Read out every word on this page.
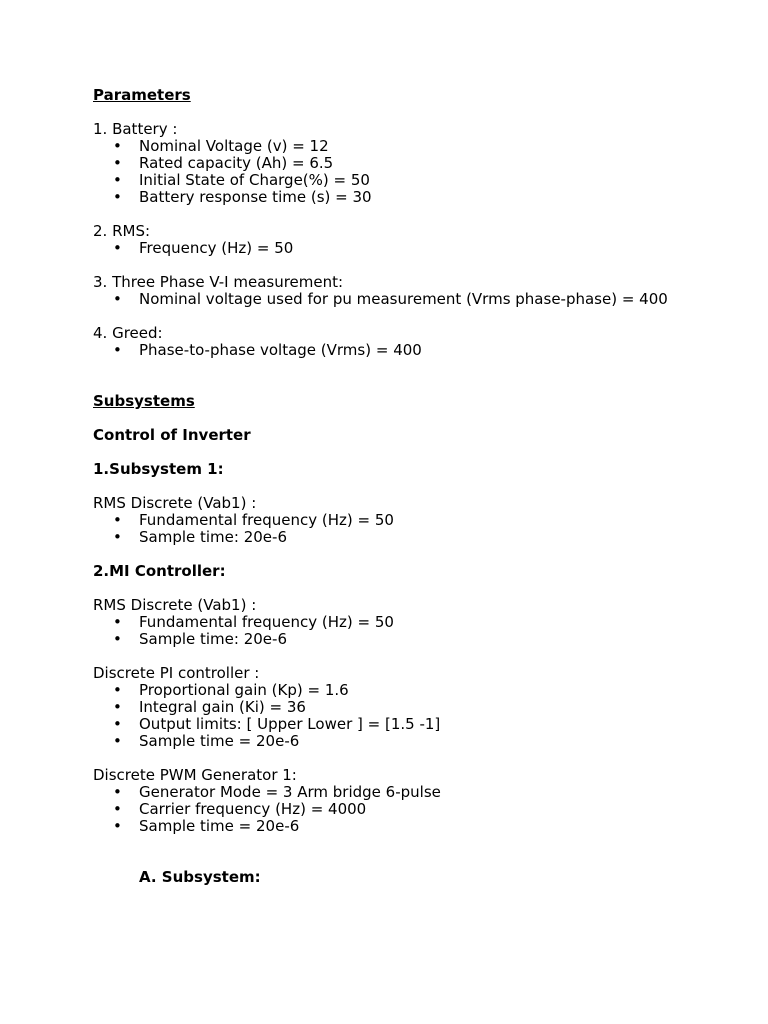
Parameters
1. Battery :
• Nominal Voltage (v) = 12
• Rated capacity (Ah) = 6.5
• Initial State of Charge(%) = 50
• Battery response time (s) = 30
2. RMS:
• Frequency (Hz) = 50
3. Three Phase V-I measurement:
• Nominal voltage used for pu measurement (Vrms phase-phase) = 400
4. Greed:
• Phase-to-phase voltage (Vrms) = 400
Subsystems
Control of Inverter
1.Subsystem 1:
RMS Discrete (Vab1) :
• Fundamental frequency (Hz) = 50
• Sample time: 20e-6
2.MI Controller:
RMS Discrete (Vab1) :
• Fundamental frequency (Hz) = 50
• Sample time: 20e-6
Discrete PI controller :
• Proportional gain (Kp) = 1.6
• Integral gain (Ki) = 36
• Output limits: [ Upper Lower ] = [1.5 -1]
• Sample time = 20e-6
Discrete PWM Generator 1:
• Generator Mode = 3 Arm bridge 6-pulse
• Carrier frequency (Hz) = 4000
• Sample time = 20e-6
A. Subsystem:
